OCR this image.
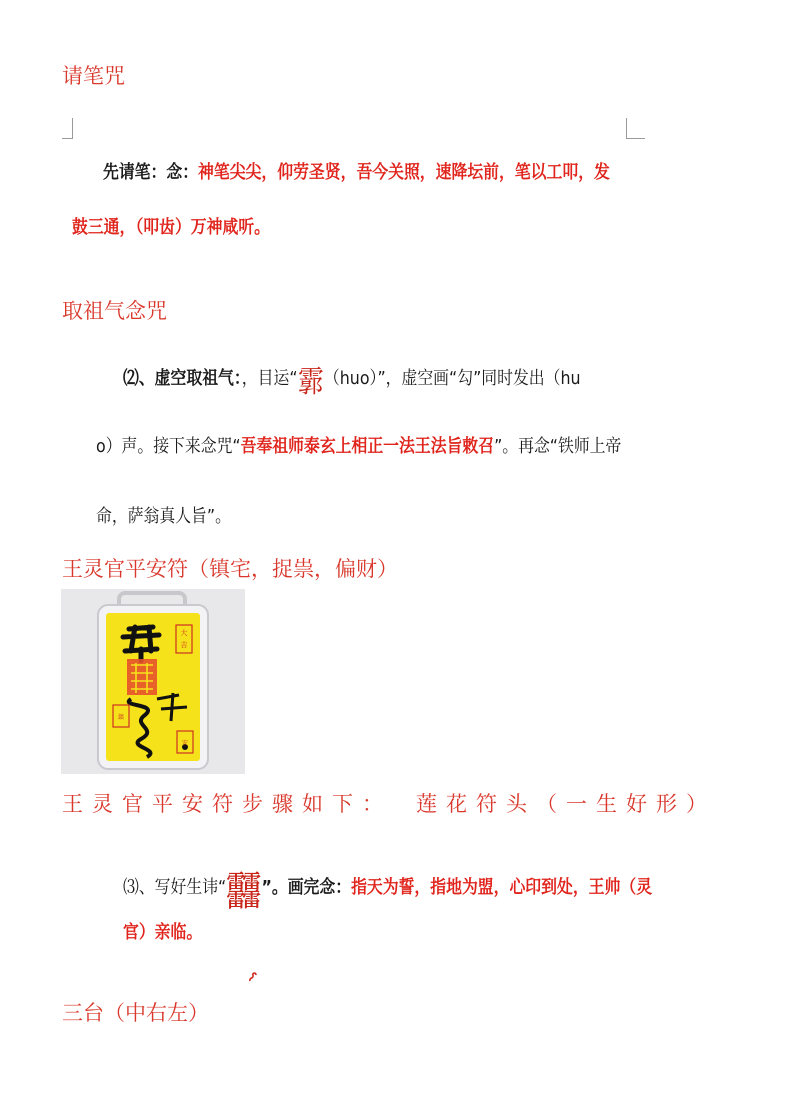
请笔咒
先请笔：念：神笔尖尖，仰劳圣贤，吾今关照，速降坛前，笔以工叩，发
鼓三通，（叩齿）万神咸听。
取祖气念咒
⑵、虚空取祖气：，目运“霩（huo）”，虚空画“勾”同时发出（hu
o）声。接下来念咒“吾奉祖师泰玄上相正一法王法旨敕召”。再念“铁师上帝
命，萨翁真人旨”。
王灵官平安符（镇宅，捉祟，偏财）
大
吉
鎮
安
王灵官平安符步骤如下： 莲花符头（一生好形）
⑶、写好生讳“䨻”。画完念：指天为誓，指地为盟，心印到处，王帅（灵
官）亲临。
三台（中右左）
